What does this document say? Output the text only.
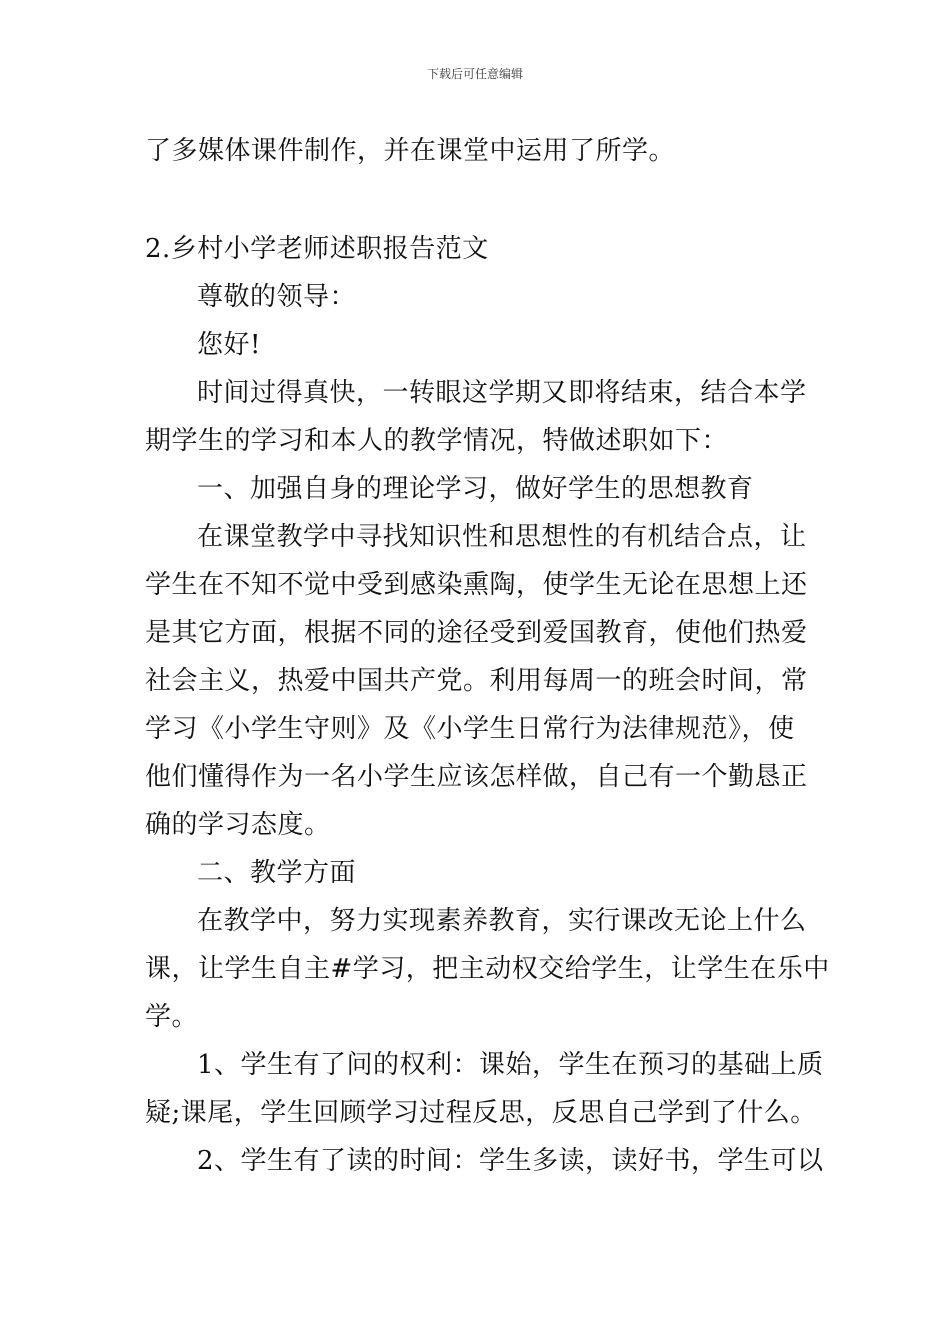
下载后可任意编辑
了多媒体课件制作，并在课堂中运用了所学。
2.乡村小学老师述职报告范文
尊敬的领导：
您好!
时间过得真快，一转眼这学期又即将结束，结合本学
期学生的学习和本人的教学情况，特做述职如下：
一、加强自身的理论学习，做好学生的思想教育
在课堂教学中寻找知识性和思想性的有机结合点，让
学生在不知不觉中受到感染熏陶，使学生无论在思想上还
是其它方面，根据不同的途径受到爱国教育，使他们热爱
社会主义，热爱中国共产党。利用每周一的班会时间，常
学习《小学生守则》及《小学生日常行为法律规范》，使
他们懂得作为一名小学生应该怎样做，自己有一个勤恳正
确的学习态度。
二、教学方面
在教学中，努力实现素养教育，实行课改无论上什么
课，让学生自主#学习，把主动权交给学生，让学生在乐中
学。
1、学生有了问的权利：课始，学生在预习的基础上质
疑;课尾，学生回顾学习过程反思，反思自己学到了什么。
2、学生有了读的时间：学生多读，读好书，学生可以
